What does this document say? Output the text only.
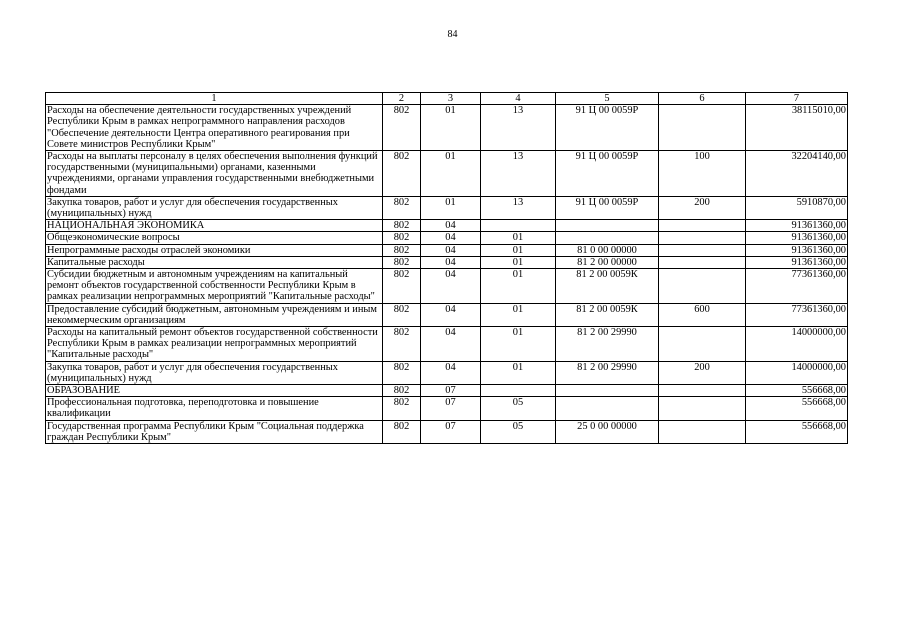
84
1	2	3	4	5	6	7
Расходы на обеспечение деятельности государственных учреждений Республики Крым в рамках непрограммного направления расходов "Обеспечение деятельности Центра оперативного реагирования при Совете министров Республики Крым"	802	01	13	91 Ц 00 0059Р		38115010,00
Расходы на выплаты персоналу в целях обеспечения выполнения функций государственными (муниципальными) органами, казенными учреждениями, органами управления государственными внебюджетными фондами	802	01	13	91 Ц 00 0059Р	100	32204140,00
Закупка товаров, работ и услуг для обеспечения государственных (муниципальных) нужд	802	01	13	91 Ц 00 0059Р	200	5910870,00
НАЦИОНАЛЬНАЯ ЭКОНОМИКА	802	04				91361360,00
Общеэкономические вопросы	802	04	01			91361360,00
Непрограммные расходы отраслей экономики	802	04	01	81 0 00 00000		91361360,00
Капитальные расходы	802	04	01	81 2 00 00000		91361360,00
Субсидии бюджетным и автономным учреждениям на капитальный ремонт объектов государственной собственности Республики Крым в рамках реализации непрограммных мероприятий "Капитальные расходы"	802	04	01	81 2 00 0059К		77361360,00
Предоставление субсидий бюджетным, автономным учреждениям и иным некоммерческим организациям	802	04	01	81 2 00 0059К	600	77361360,00
Расходы на капитальный ремонт объектов государственной собственности Республики Крым в рамках реализации непрограммных мероприятий "Капитальные расходы"	802	04	01	81 2 00 29990		14000000,00
Закупка товаров, работ и услуг для обеспечения государственных (муниципальных) нужд	802	04	01	81 2 00 29990	200	14000000,00
ОБРАЗОВАНИЕ	802	07				556668,00
Профессиональная подготовка, переподготовка и повышение квалификации	802	07	05			556668,00
Государственная программа Республики Крым "Социальная поддержка граждан Республики Крым"	802	07	05	25 0 00 00000		556668,00
